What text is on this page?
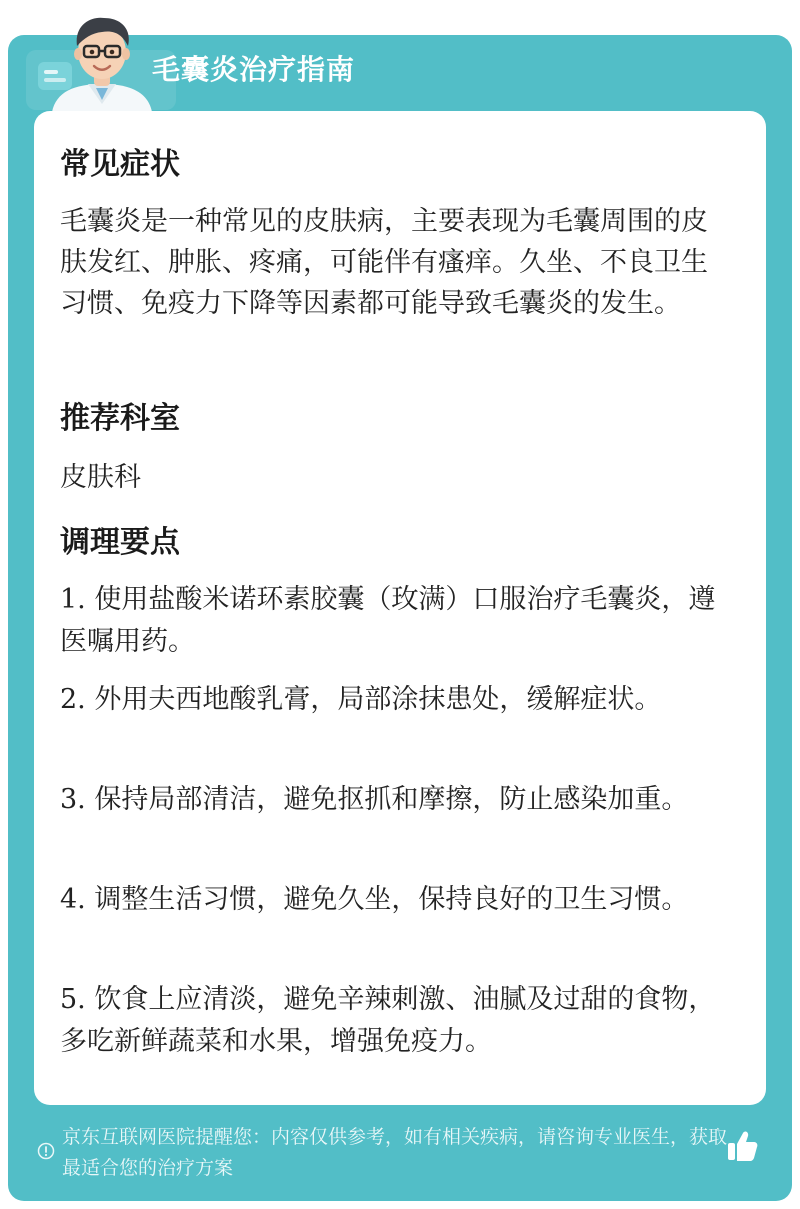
毛囊炎治疗指南
常见症状
毛囊炎是一种常见的皮肤病，主要表现为毛囊周围的皮肤发红、肿胀、疼痛，可能伴有瘙痒。久坐、不良卫生习惯、免疫力下降等因素都可能导致毛囊炎的发生。
推荐科室
皮肤科
调理要点
1. 使用盐酸米诺环素胶囊（玫满）口服治疗毛囊炎，遵医嘱用药。
2. 外用夫西地酸乳膏，局部涂抹患处，缓解症状。
3. 保持局部清洁，避免抠抓和摩擦，防止感染加重。
4. 调整生活习惯，避免久坐，保持良好的卫生习惯。
5. 饮食上应清淡，避免辛辣刺激、油腻及过甜的食物，多吃新鲜蔬菜和水果，增强免疫力。
京东互联网医院提醒您：内容仅供参考，如有相关疾病，请咨询专业医生，获取最适合您的治疗方案
